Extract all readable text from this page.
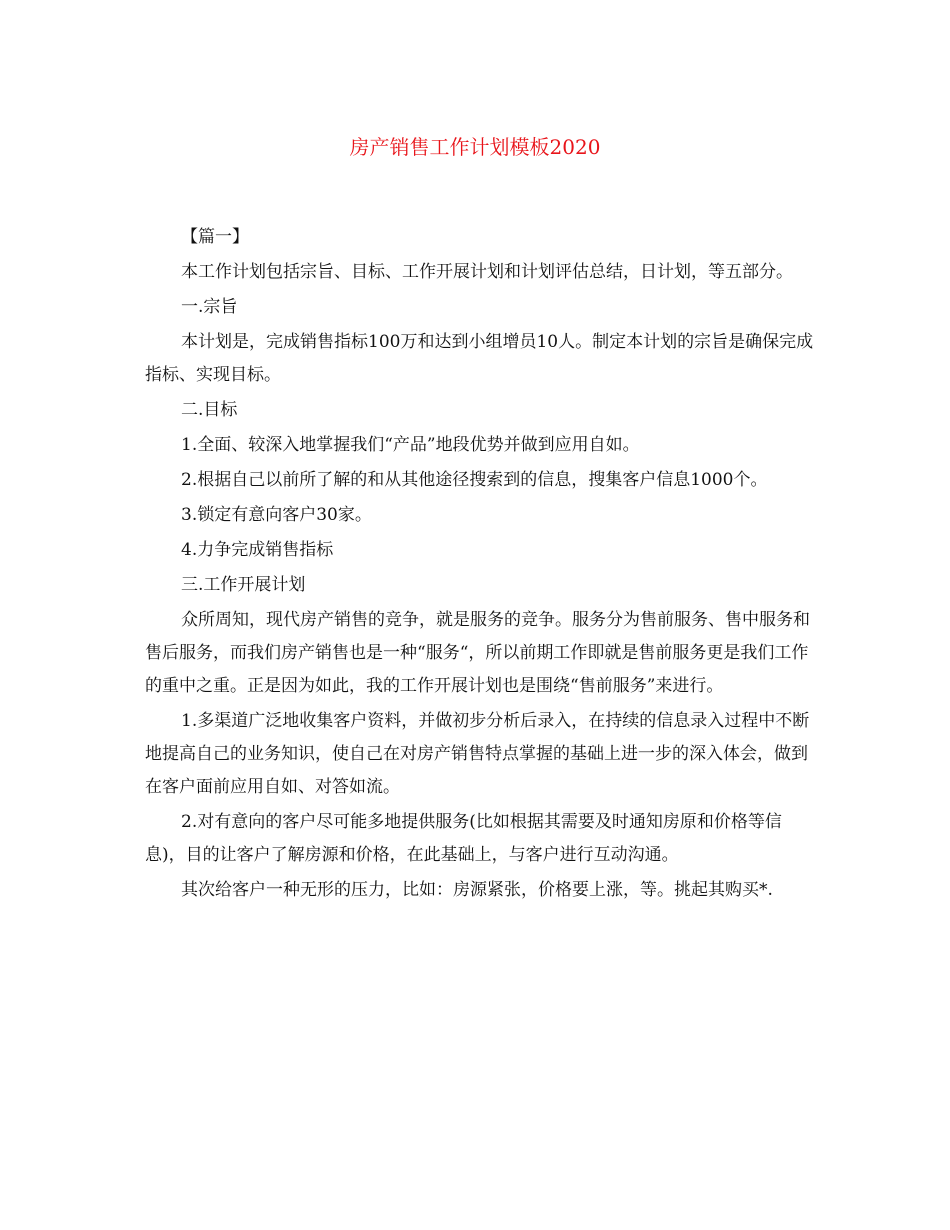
房产销售工作计划模板2020

【篇一】

本工作计划包括宗旨、目标、工作开展计划和计划评估总结，日计划，等五部分。

一.宗旨

本计划是，完成销售指标100万和达到小组增员10人。制定本计划的宗旨是确保完成指标、实现目标。

二.目标

1.全面、较深入地掌握我们“产品”地段优势并做到应用自如。

2.根据自己以前所了解的和从其他途径搜索到的信息，搜集客户信息1000个。

3.锁定有意向客户30家。

4.力争完成销售指标

三.工作开展计划

众所周知，现代房产销售的竞争，就是服务的竞争。服务分为售前服务、售中服务和售后服务，而我们房产销售也是一种“服务“，所以前期工作即就是售前服务更是我们工作的重中之重。正是因为如此，我的工作开展计划也是围绕“售前服务”来进行。

1.多渠道广泛地收集客户资料，并做初步分析后录入，在持续的信息录入过程中不断地提高自己的业务知识，使自己在对房产销售特点掌握的基础上进一步的深入体会，做到在客户面前应用自如、对答如流。

2.对有意向的客户尽可能多地提供服务(比如根据其需要及时通知房原和价格等信息)，目的让客户了解房源和价格，在此基础上，与客户进行互动沟通。

其次给客户一种无形的压力，比如：房源紧张，价格要上涨，等。挑起其购买*.
